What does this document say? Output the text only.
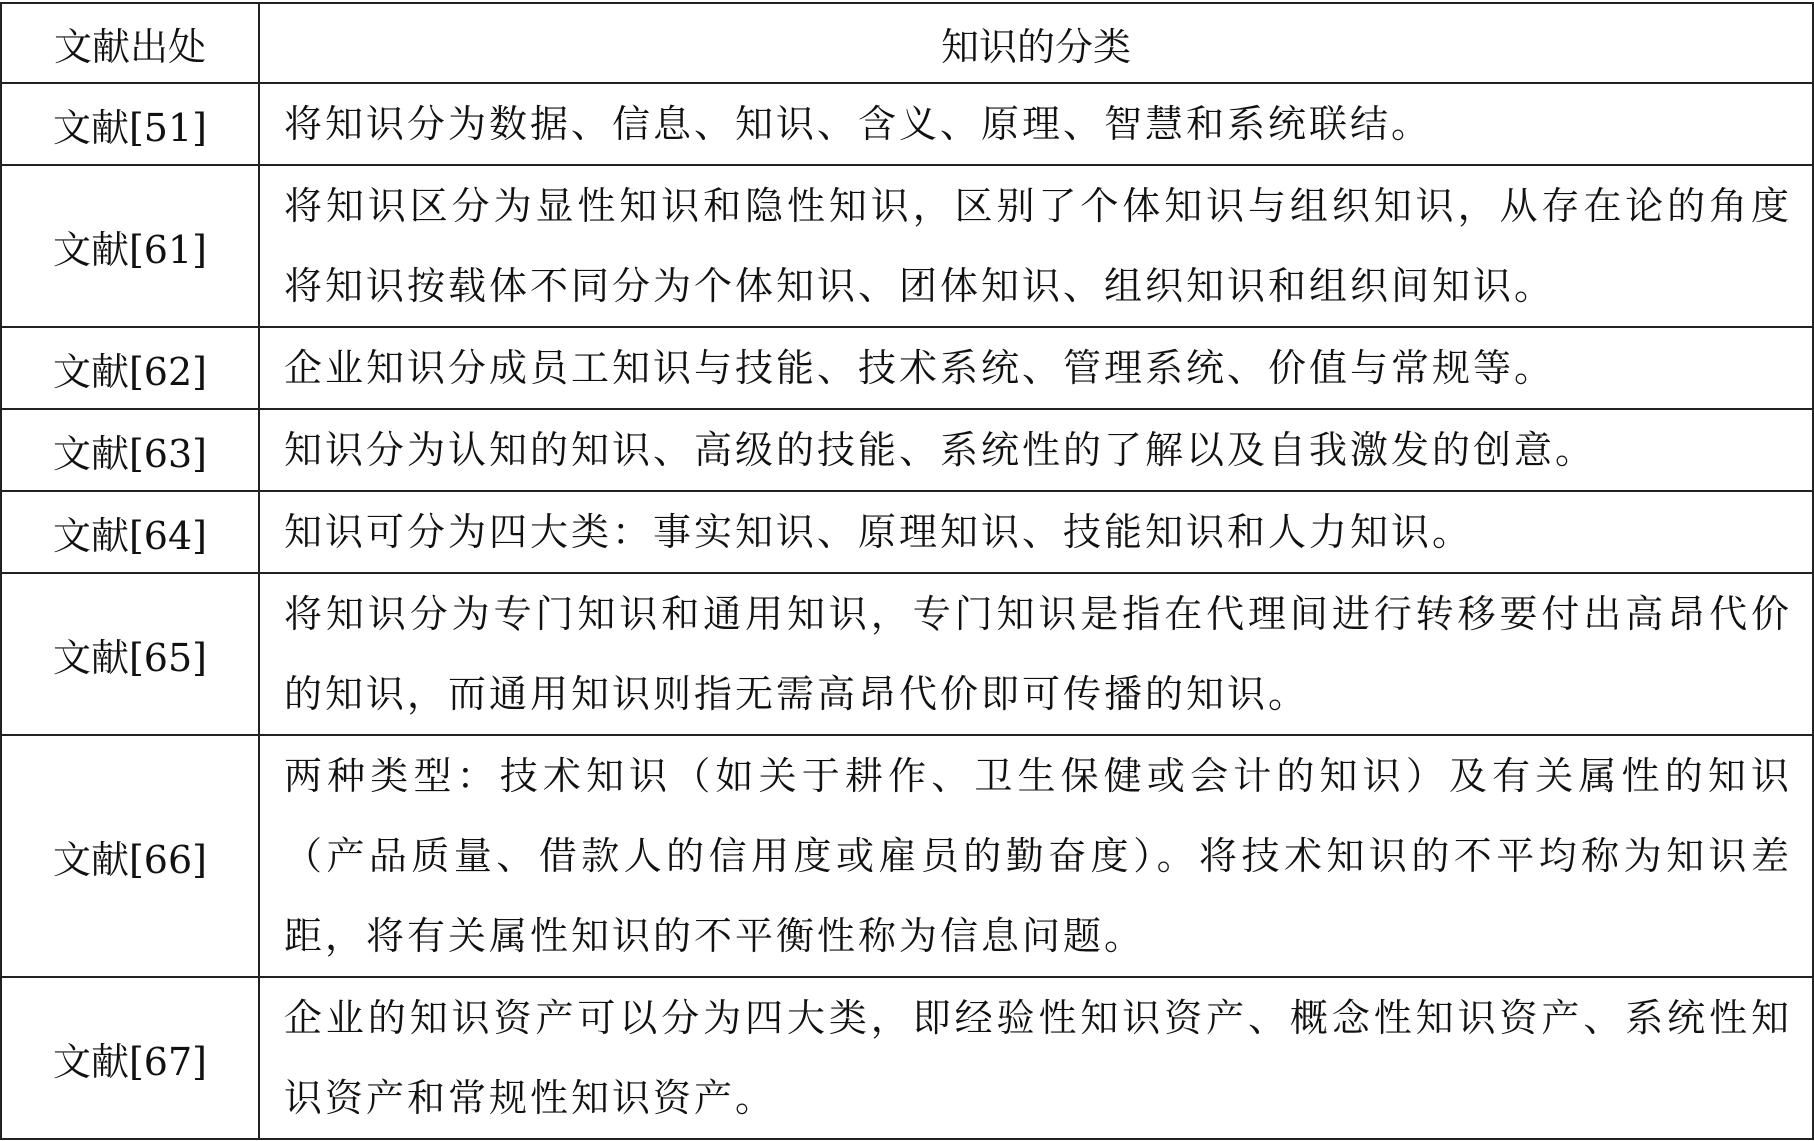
文献出处	知识的分类
文献[51]	将知识分为数据、信息、知识、含义、原理、智慧和系统联结。
文献[61]	将知识区分为显性知识和隐性知识，区别了个体知识与组织知识，从存在论的角度将知识按载体不同分为个体知识、团体知识、组织知识和组织间知识。
文献[62]	企业知识分成员工知识与技能、技术系统、管理系统、价值与常规等。
文献[63]	知识分为认知的知识、高级的技能、系统性的了解以及自我激发的创意。
文献[64]	知识可分为四大类：事实知识、原理知识、技能知识和人力知识。
文献[65]	将知识分为专门知识和通用知识，专门知识是指在代理间进行转移要付出高昂代价的知识，而通用知识则指无需高昂代价即可传播的知识。
文献[66]	两种类型：技术知识（如关于耕作、卫生保健或会计的知识）及有关属性的知识（产品质量、借款人的信用度或雇员的勤奋度）。将技术知识的不平均称为知识差距，将有关属性知识的不平衡性称为信息问题。
文献[67]	企业的知识资产可以分为四大类，即经验性知识资产、概念性知识资产、系统性知识资产和常规性知识资产。
